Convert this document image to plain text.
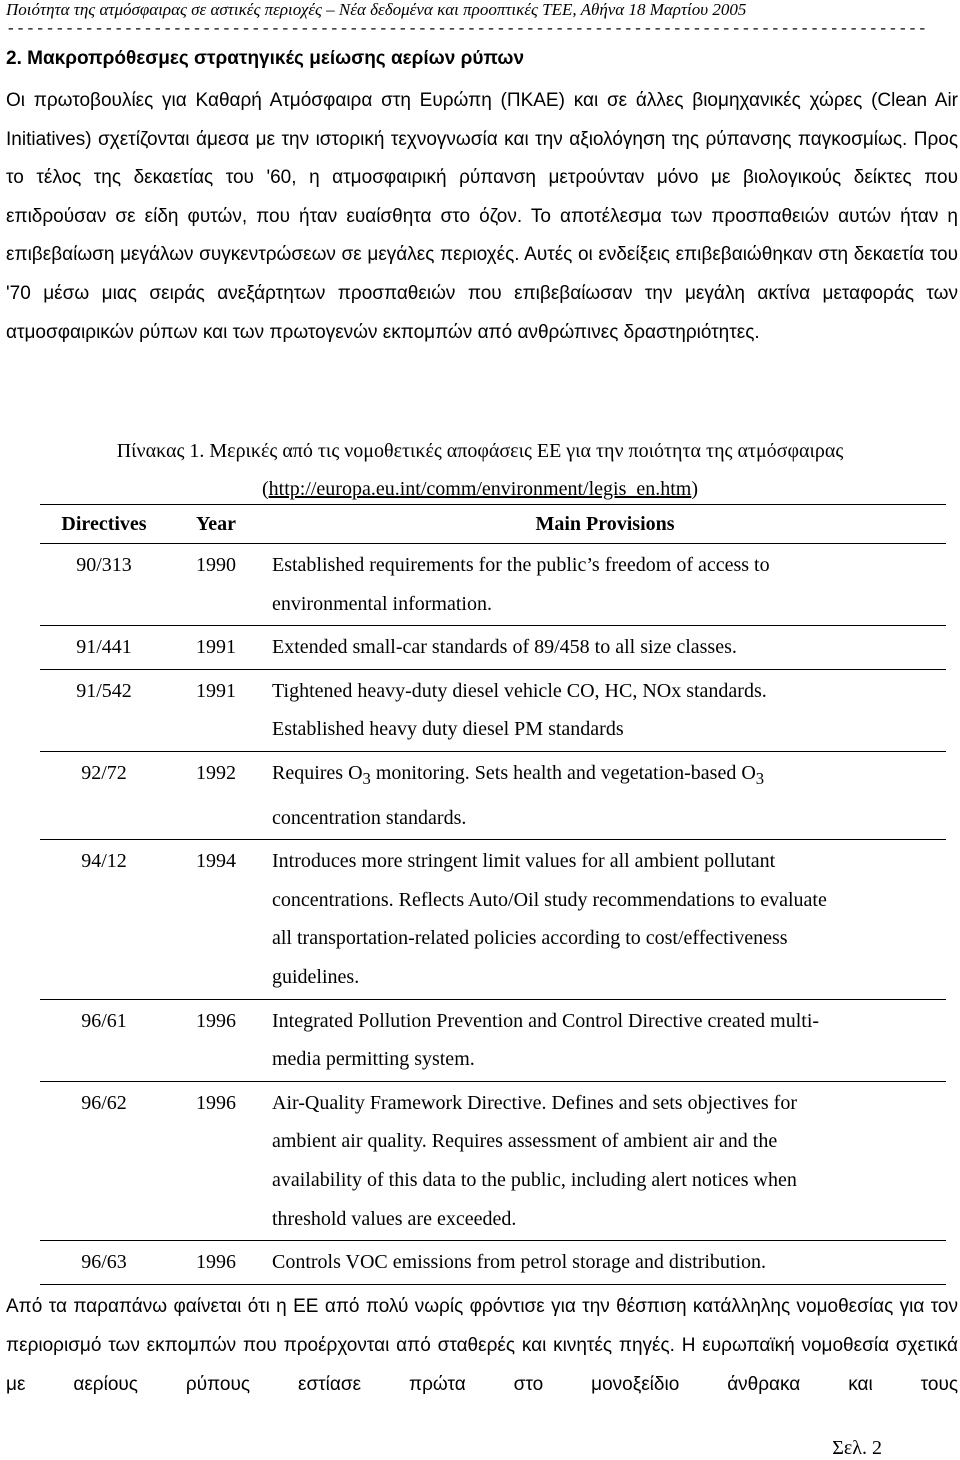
Ποιότητα της ατμόσφαιρας σε αστικές περιοχές – Νέα δεδομένα και προοπτικές ΤΕΕ, Αθήνα 18 Μαρτίου 2005
----------------------------------------------------------------------------------------------
2. Μακροπρόθεσμες στρατηγικές μείωσης αερίων ρύπων
Οι πρωτοβουλίες για Καθαρή Ατμόσφαιρα στη Ευρώπη (ΠΚΑΕ) και σε άλλες βιομηχανικές χώρες (Clean Air Initiatives) σχετίζονται άμεσα με την ιστορική τεχνογνωσία και την αξιολόγηση της ρύπανσης παγκοσμίως. Προς το τέλος της δεκαετίας του '60, η ατμοσφαιρική ρύπανση μετρούνταν μόνο με βιολογικούς δείκτες που επιδρούσαν σε είδη φυτών, που ήταν ευαίσθητα στο όζον. Το αποτέλεσμα των προσπαθειών αυτών ήταν η επιβεβαίωση μεγάλων συγκεντρώσεων σε μεγάλες περιοχές. Αυτές οι ενδείξεις επιβεβαιώθηκαν στη δεκαετία του '70 μέσω μιας σειράς ανεξάρτητων προσπαθειών που επιβεβαίωσαν την μεγάλη ακτίνα μεταφοράς των ατμοσφαιρικών ρύπων και των πρωτογενών εκπομπών από ανθρώπινες δραστηριότητες.
Πίνακας 1. Μερικές από τις νομοθετικές αποφάσεις ΕΕ για την ποιότητα της ατμόσφαιρας
(http://europa.eu.int/comm/environment/legis_en.htm)
Directives	Year	Main Provisions
90/313	1990	Established requirements for the public’s freedom of access to
environmental information.

91/441	1991	Extended small-car standards of 89/458 to all size classes.

91/542	1991	Tightened heavy-duty diesel vehicle CO, HC, NOx standards.
Established heavy duty diesel PM standards

92/72	1992	Requires $O_3$ monitoring. Sets health and vegetation-based $O_3$
concentration standards.

94/12	1994	Introduces more stringent limit values for all ambient pollutant
concentrations. Reflects Auto/Oil study recommendations to evaluate
all transportation-related policies according to cost/effectiveness
guidelines.

96/61	1996	Integrated Pollution Prevention and Control Directive created multi-
media permitting system.

96/62	1996	Air-Quality Framework Directive. Defines and sets objectives for
ambient air quality. Requires assessment of ambient air and the
availability of this data to the public, including alert notices when
threshold values are exceeded.

96/63	1996	Controls VOC emissions from petrol storage and distribution.
Από τα παραπάνω φαίνεται ότι η ΕΕ από πολύ νωρίς φρόντισε για την θέσπιση κατάλληλης νομοθεσίας για τον περιορισμό των εκπομπών που προέρχονται από σταθερές και κινητές πηγές. Η ευρωπαϊκή νομοθεσία σχετικά με αερίους ρύπους εστίασε πρώτα στο μονοξείδιο άνθρακα και τους
Σελ. 2
